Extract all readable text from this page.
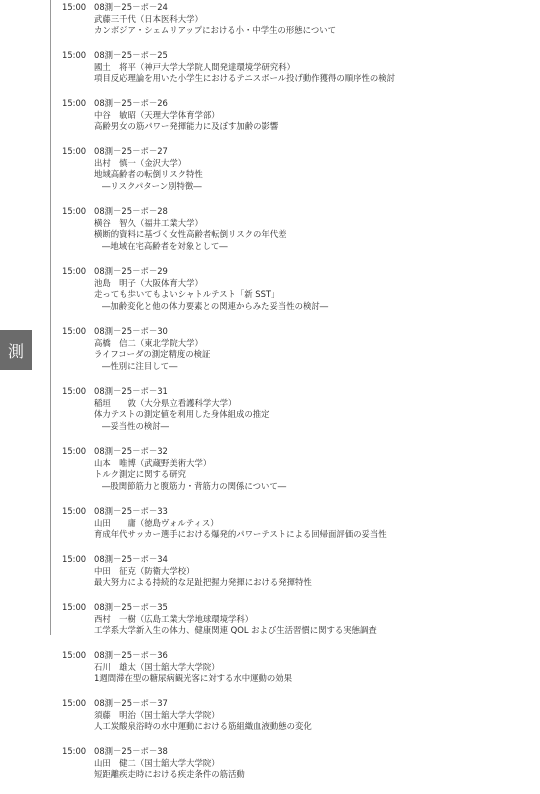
測
15:00 08測－25－ポ－24
武藤三千代（日本医科大学）
カンボジア・シェムリアップにおける小・中学生の形態について
15:00 08測－25－ポ－25
國土　将平（神戸大学大学院人間発達環境学研究科）
項目反応理論を用いた小学生におけるテニスボール投げ動作獲得の順序性の検討
15:00 08測－25－ポ－26
中谷　敏昭（天理大学体育学部）
高齢男女の筋パワー発揮能力に及ぼす加齢の影響
15:00 08測－25－ポ－27
出村　慎一（金沢大学）
地域高齢者の転倒リスク特性
―リスクパターン別特徴―
15:00 08測－25－ポ－28
横谷　智久（福井工業大学）
横断的資料に基づく女性高齢者転倒リスクの年代差
―地域在宅高齢者を対象として―
15:00 08測－25－ポ－29
池島　明子（大阪体育大学）
走っても歩いてもよいシャトルテスト「新 SST」
―加齢変化と他の体力要素との関連からみた妥当性の検討―
15:00 08測－25－ポ－30
高橋　信二（東北学院大学）
ライフコーダの測定精度の検証
―性別に注目して―
15:00 08測－25－ポ－31
稲垣　　敦（大分県立看護科学大学）
体力テストの測定値を利用した身体組成の推定
―妥当性の検討―
15:00 08測－25－ポ－32
山本　唯博（武蔵野美術大学）
トルク測定に関する研究
―股関節筋力と腹筋力・背筋力の関係について―
15:00 08測－25－ポ－33
山田　　庸（徳島ヴォルティス）
育成年代サッカー選手における爆発的パワーテストによる回帰面評価の妥当性
15:00 08測－25－ポ－34
中田　征克（防衛大学校）
最大努力による持続的な足趾把握力発揮における発揮特性
15:00 08測－25－ポ－35
西村　一樹（広島工業大学地球環境学科）
工学系大学新入生の体力、健康関連 QOL および生活習慣に関する実態調査
15:00 08測－25－ポ－36
石川　雄太（国士舘大学大学院）
1週間滞在型の糖尿病観光客に対する水中運動の効果
15:00 08測－25－ポ－37
須藤　明治（国士舘大学大学院）
人工炭酸泉浴時の水中運動における筋組織血液動態の変化
15:00 08測－25－ポ－38
山田　健二（国士舘大学大学院）
短距離疾走時における疾走条件の筋活動
